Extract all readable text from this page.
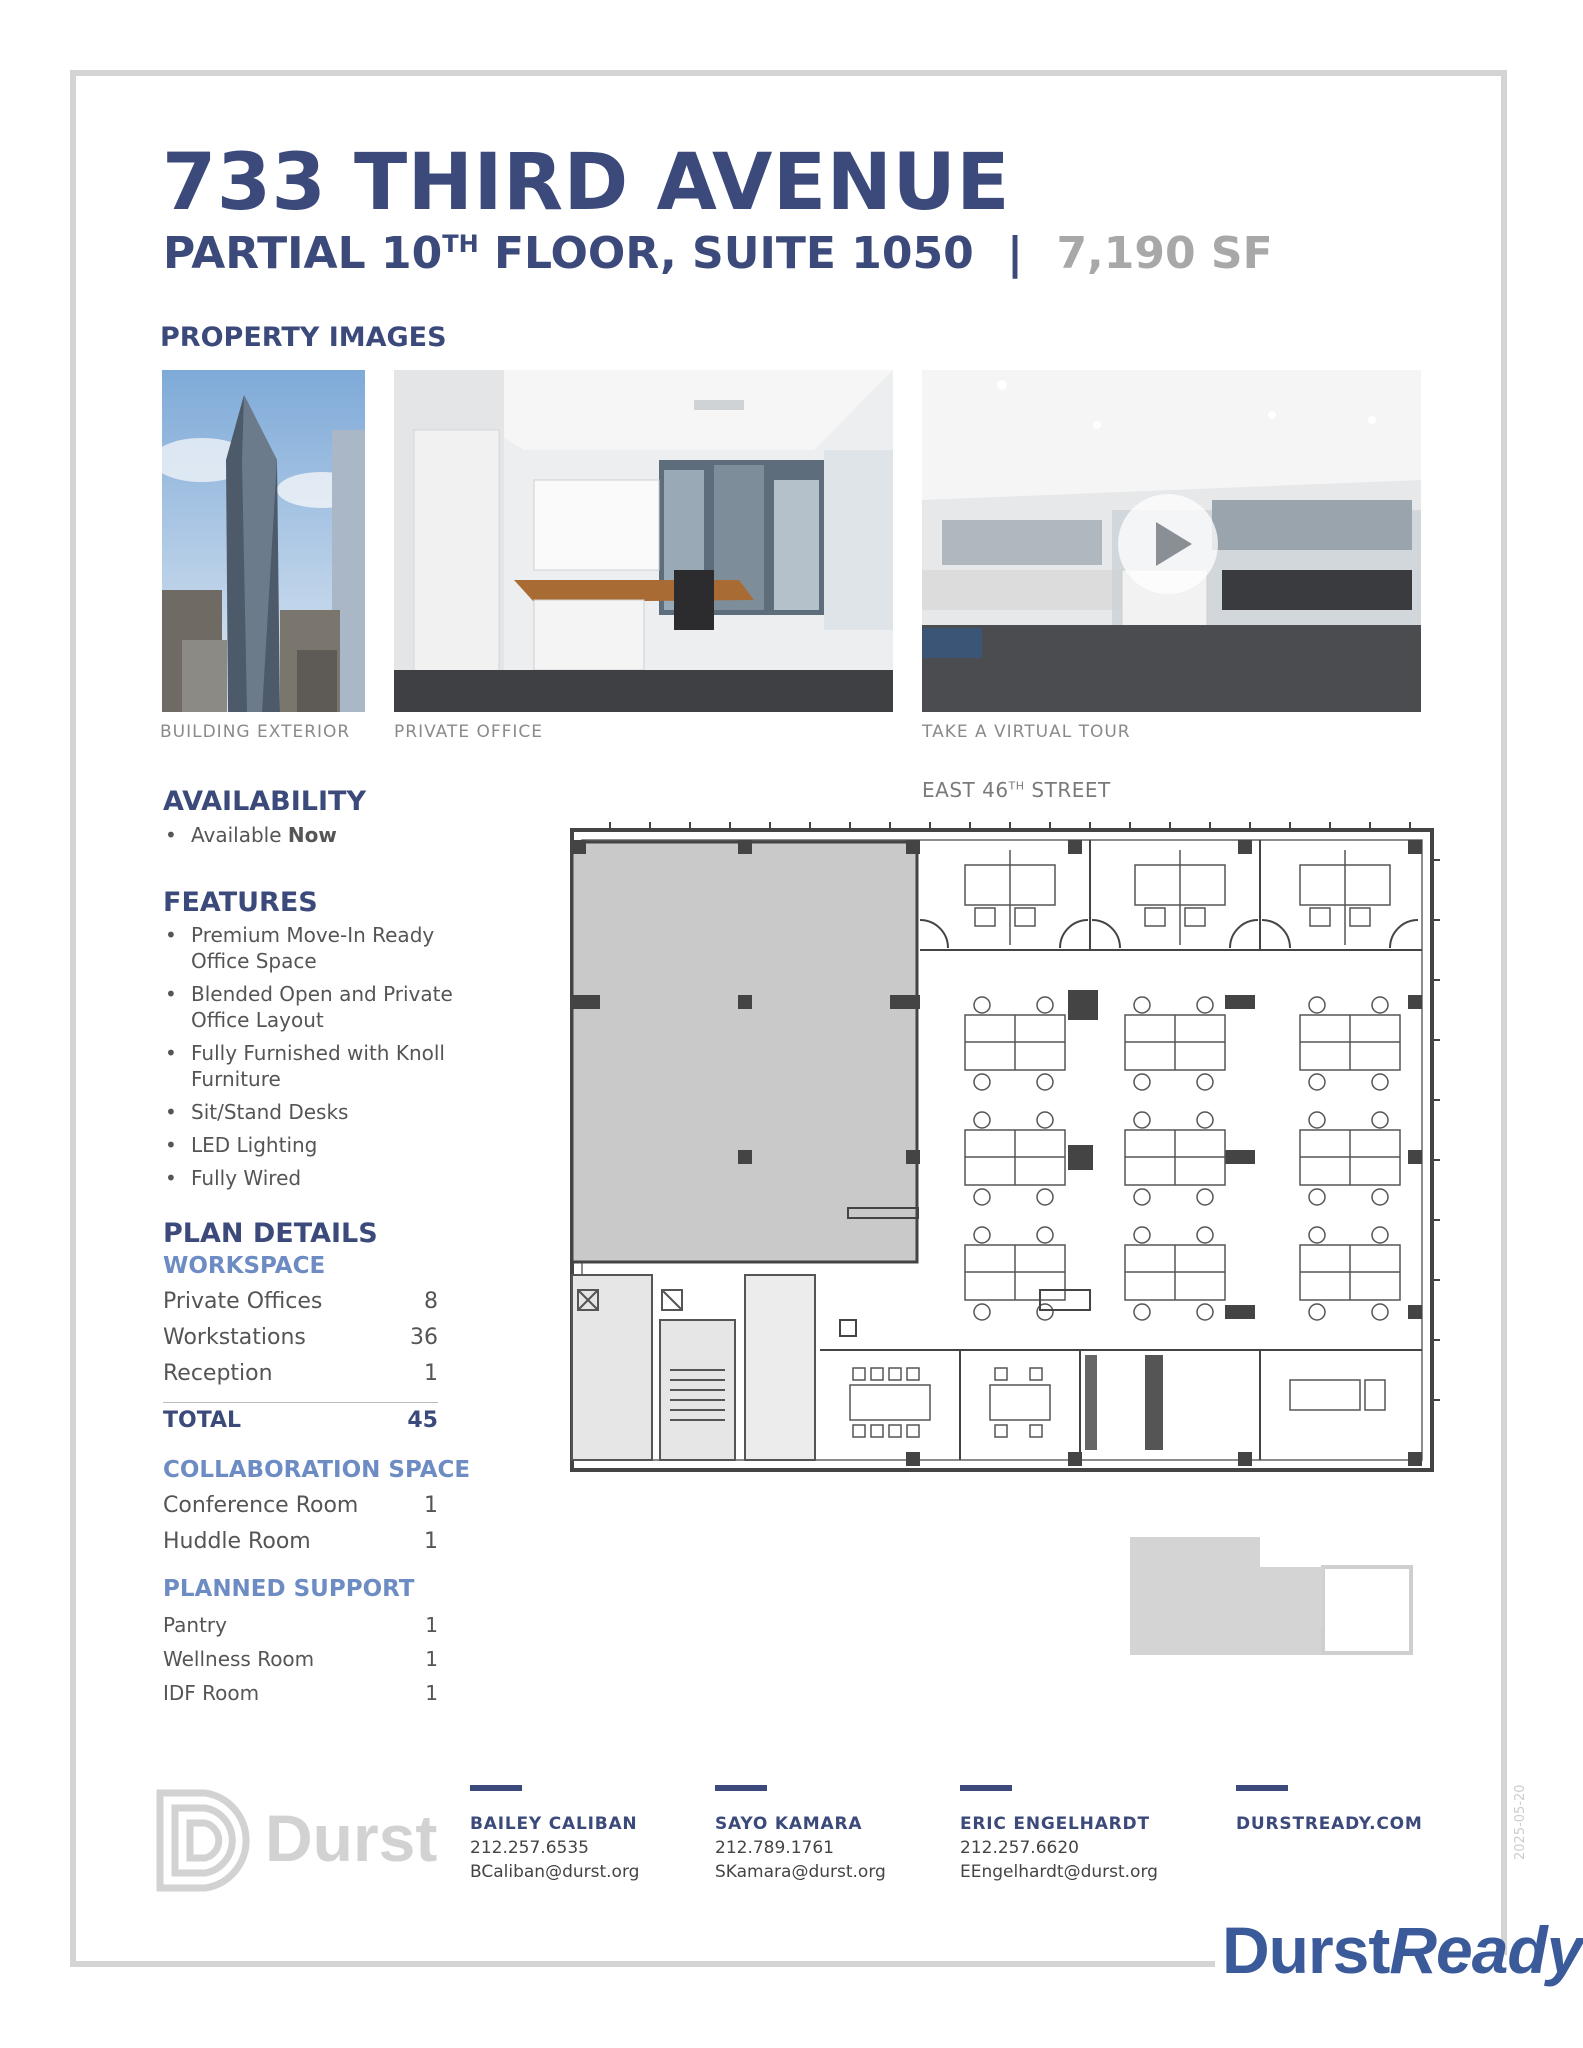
733 THIRD AVENUE
PARTIAL 10TH FLOOR, SUITE 1050 | 7,190 SF
PROPERTY IMAGES
BUILDING EXTERIOR	PRIVATE OFFICE	TAKE A VIRTUAL TOUR
AVAILABILITY
• Available Now
FEATURES
• Premium Move-In Ready Office Space
• Blended Open and Private Office Layout
• Fully Furnished with Knoll Furniture
• Sit/Stand Desks
• LED Lighting
• Fully Wired
PLAN DETAILS
WORKSPACE
Private Offices	8
Workstations	36
Reception	1
TOTAL	45
COLLABORATION SPACE
Conference Room	1
Huddle Room	1
PLANNED SUPPORT
Pantry	1
Wellness Room	1
IDF Room	1
EAST 46TH STREET
Durst BAILEY CALIBAN
212.257.6535
BCaliban@durst.org
SAYO KAMARA
212.789.1761
SKamara@durst.org
ERIC ENGELHARDT
212.257.6620
EEngelhardt@durst.org
DURSTREADY.COM	2025-05-20
DurstReady
